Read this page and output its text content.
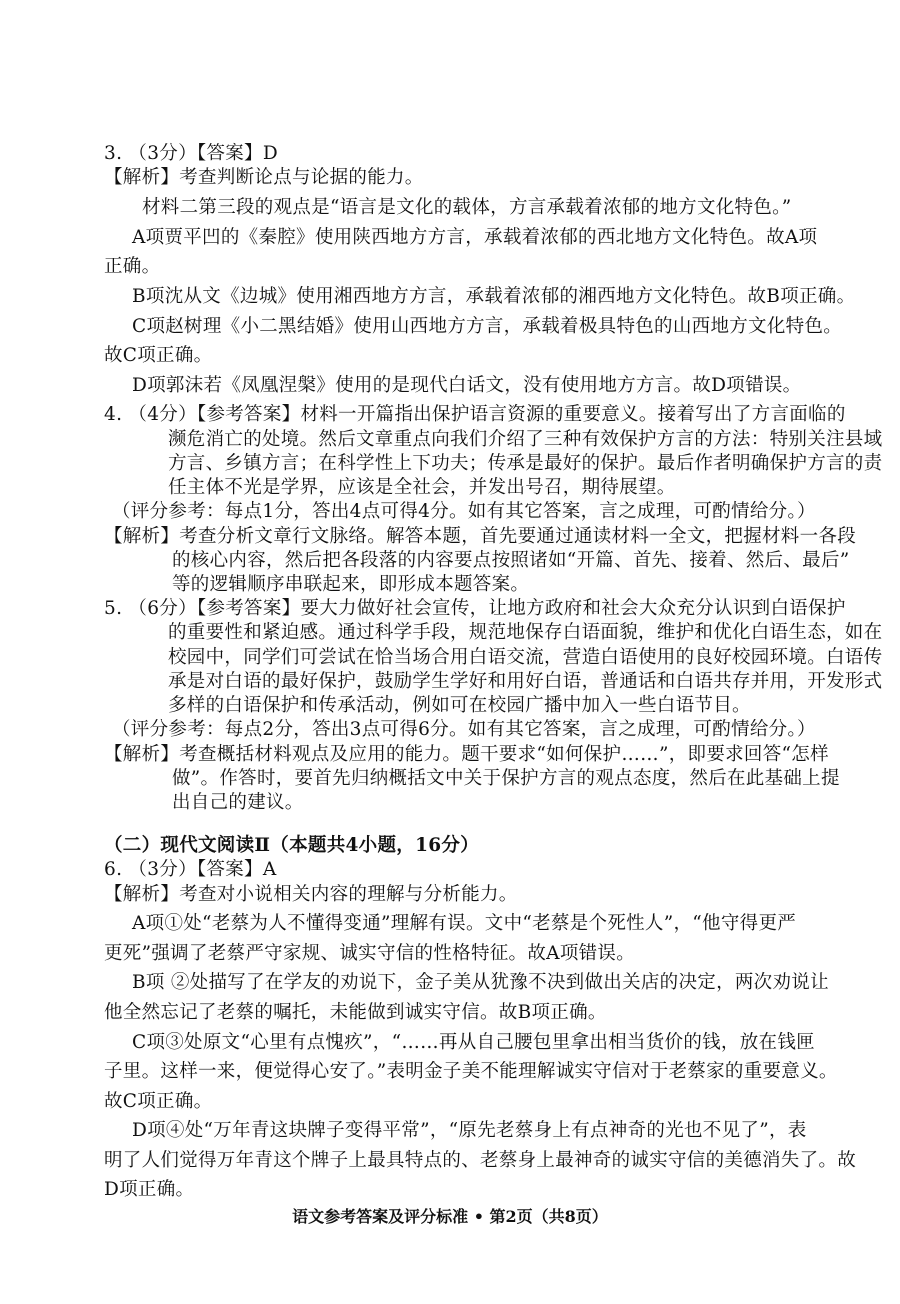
3. （3分）【答案】D
【解析】考查判断论点与论据的能力。
材料二第三段的观点是“语言是文化的载体，方言承载着浓郁的地方文化特色。”
A项贾平凹的《秦腔》使用陕西地方方言，承载着浓郁的西北地方文化特色。故A项
正确。
B项沈从文《边城》使用湘西地方方言，承载着浓郁的湘西地方文化特色。故B项正确。
C项赵树理《小二黑结婚》使用山西地方方言，承载着极具特色的山西地方文化特色。
故C项正确。
D项郭沫若《凤凰涅槃》使用的是现代白话文，没有使用地方方言。故D项错误。
4. （4分）【参考答案】材料一开篇指出保护语言资源的重要意义。接着写出了方言面临的
濒危消亡的处境。然后文章重点向我们介绍了三种有效保护方言的方法：特别关注县域
方言、乡镇方言；在科学性上下功夫；传承是最好的保护。最后作者明确保护方言的责
任主体不光是学界，应该是全社会，并发出号召，期待展望。
（评分参考：每点1分，答出4点可得4分。如有其它答案，言之成理，可酌情给分。）
【解析】考查分析文章行文脉络。解答本题，首先要通过通读材料一全文，把握材料一各段
的核心内容，然后把各段落的内容要点按照诸如“开篇、首先、接着、然后、最后”
等的逻辑顺序串联起来，即形成本题答案。
5. （6分）【参考答案】要大力做好社会宣传，让地方政府和社会大众充分认识到白语保护
的重要性和紧迫感。通过科学手段，规范地保存白语面貌，维护和优化白语生态，如在
校园中，同学们可尝试在恰当场合用白语交流，营造白语使用的良好校园环境。白语传
承是对白语的最好保护，鼓励学生学好和用好白语，普通话和白语共存并用，开发形式
多样的白语保护和传承活动，例如可在校园广播中加入一些白语节目。
（评分参考：每点2分，答出3点可得6分。如有其它答案，言之成理，可酌情给分。）
【解析】考查概括材料观点及应用的能力。题干要求“如何保护……”，即要求回答“怎样
做”。作答时，要首先归纳概括文中关于保护方言的观点态度，然后在此基础上提
出自己的建议。
（二）现代文阅读Ⅱ（本题共4小题，16分）
6. （3分）【答案】A
【解析】考查对小说相关内容的理解与分析能力。
A项①处“老蔡为人不懂得变通”理解有误。文中“老蔡是个死性人”，“他守得更严
更死”强调了老蔡严守家规、诚实守信的性格特征。故A项错误。
B项 ②处描写了在学友的劝说下，金子美从犹豫不决到做出关店的决定，两次劝说让
他全然忘记了老蔡的嘱托，未能做到诚实守信。故B项正确。
C项③处原文“心里有点愧疚”，“……再从自己腰包里拿出相当货价的钱，放在钱匣
子里。这样一来，便觉得心安了。”表明金子美不能理解诚实守信对于老蔡家的重要意义。
故C项正确。
D项④处“万年青这块牌子变得平常”，“原先老蔡身上有点神奇的光也不见了”，表
明了人们觉得万年青这个牌子上最具特点的、老蔡身上最神奇的诚实守信的美德消失了。故
D项正确。
语文参考答案及评分标准 • 第2页（共8页）
